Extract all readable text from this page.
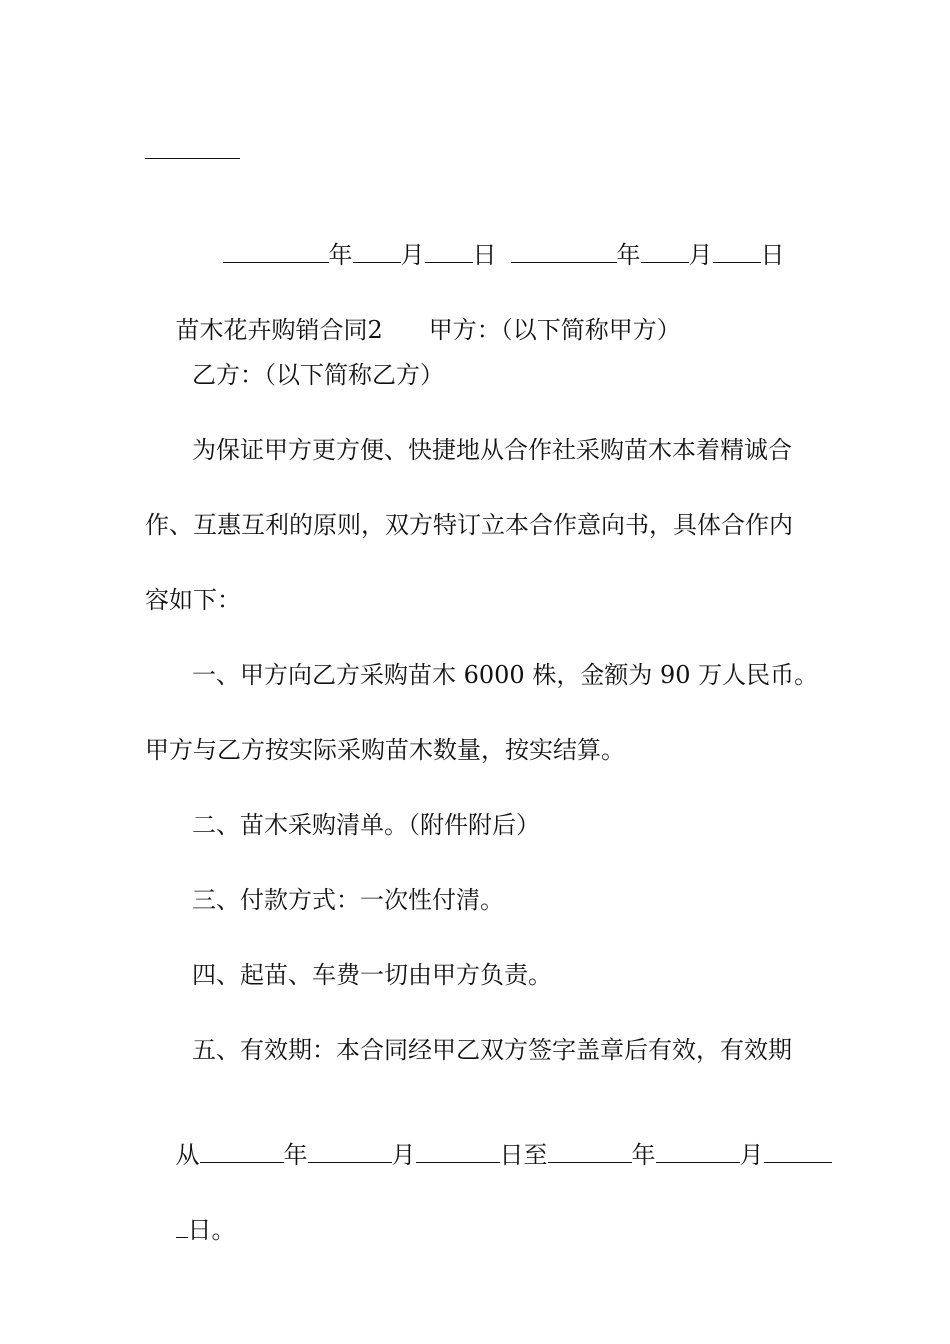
年 月 日	年 月 日

苗木花卉购销合同2 甲方：（以下简称甲方）

乙方：（以下简称乙方）
为保证甲方更方便、快捷地从合作社采购苗木本着精诚合
作、互惠互利的原则，双方特订立本合作意向书，具体合作内
容如下：
一、甲方向乙方采购苗木 6000 株，金额为 90 万人民币。
甲方与乙方按实际采购苗木数量，按实结算。
二、苗木采购清单。（附件附后）
三、付款方式：一次性付清。
四、起苗、车费一切由甲方负责。
五、有效期：本合同经甲乙双方签字盖章后有效，有效期

从	年	月	日至	年	月

日。
